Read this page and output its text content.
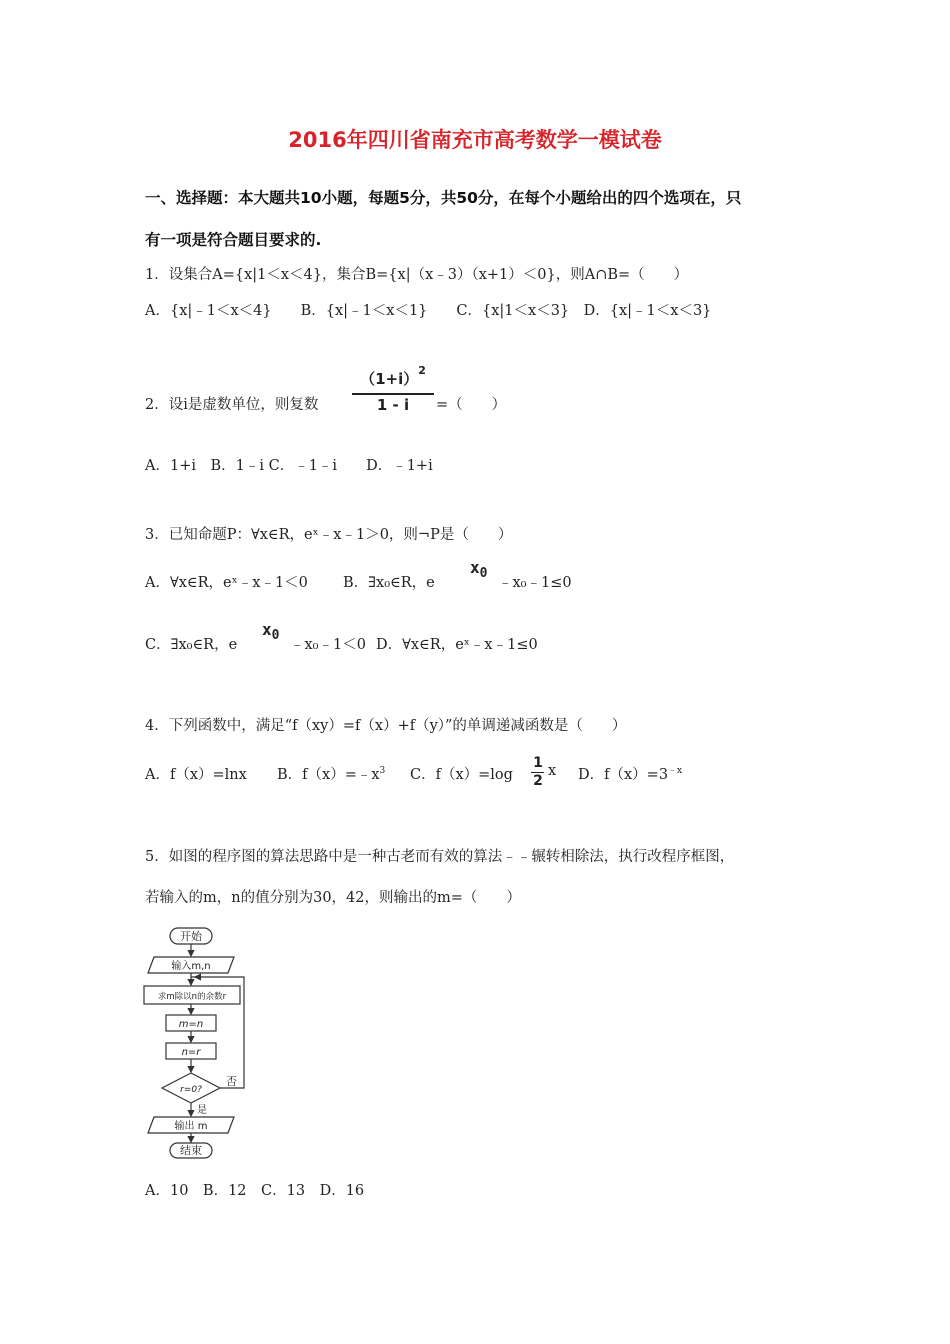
2016年四川省南充市高考数学一模试卷
一、选择题：本大题共10小题，每题5分，共50分，在每个小题给出的四个选项在，只
有一项是符合题目要求的.
1．设集合A={x|1＜x＜4}，集合B={x|（x﹣3）（x+1）＜0}，则A∩B=（　　）
A．{x|﹣1＜x＜4}　　B．{x|﹣1＜x＜1}　　C．{x|1＜x＜3}　D．{x|﹣1＜x＜3}
2．设i是虚数单位，则复数
$(1+i)^2$
1 - i	=（　　）
A．1+i　B．1﹣i C．﹣1﹣i　　D．﹣1+i
3．已知命题P：∀x∈R，eˣ﹣x﹣1＞0，则¬P是（　　）
A．∀x∈R，eˣ﹣x﹣1＜0 B．∃x₀∈R，e
$x_0$
﹣x₀﹣1≤0
C．∃x₀∈R，e
$x_0$
﹣x₀﹣1＜0 D．∀x∈R，eˣ﹣x﹣1≤0
4．下列函数中，满足“f（xy）=f（x）+f（y）”的单调递减函数是（　　）
A．f（x）=lnx B．$f(x)=﹣x^3$ C．f（x）=log
1
2
x D．$f(x)=3^{﹣x}$
5．如图的程序图的算法思路中是一种古老而有效的算法﹣﹣辗转相除法，执行改程序框图，
若输入的m，n的值分别为30，42，则输出的m=（　　）
开始
输入m,n
求m除以n的余数r
m=n
n=r
r=0?
否
是
输出 m
结束
A．10　B．12　C．13　D．16
